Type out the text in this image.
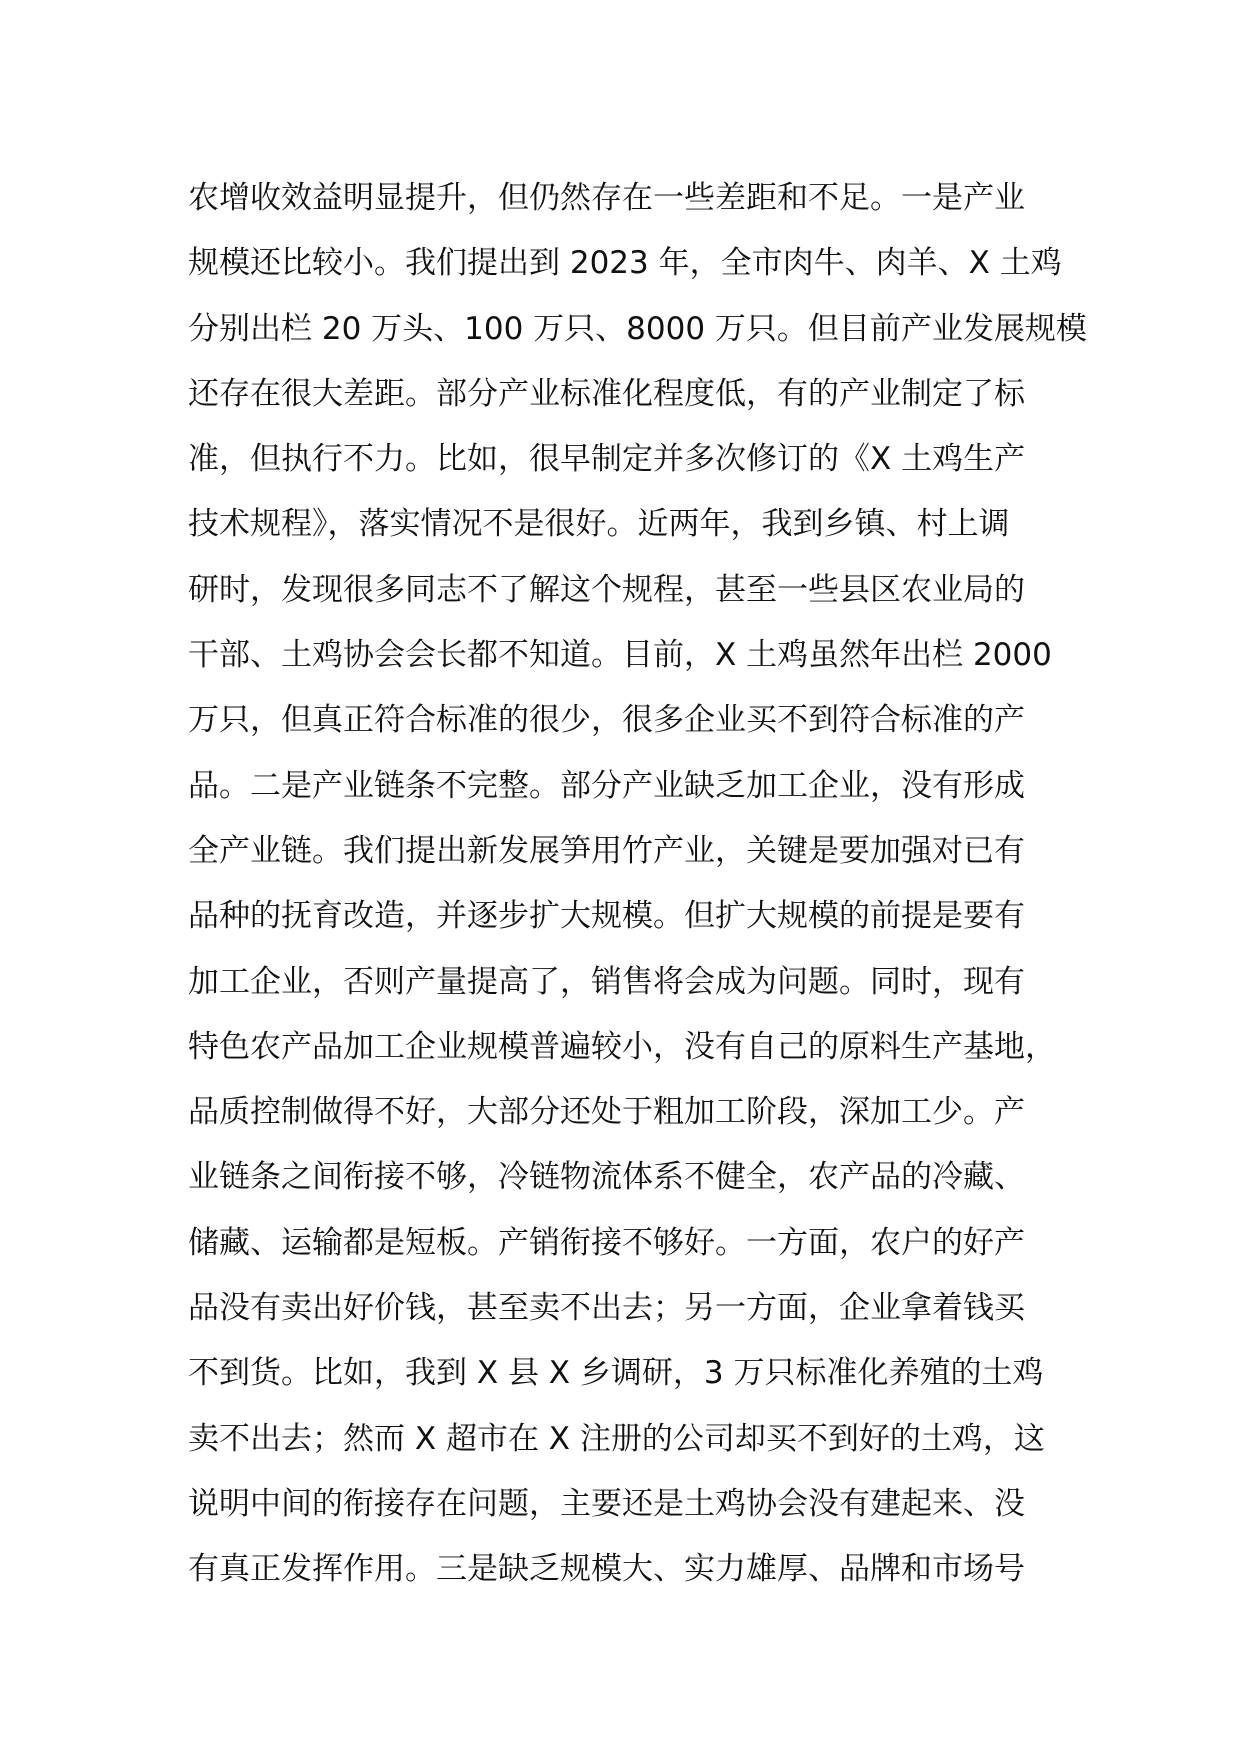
农增收效益明显提升，但仍然存在一些差距和不足。一是产业
规模还比较小。我们提出到 2023 年，全市肉牛、肉羊、X 土鸡
分别出栏 20 万头、100 万只、8000 万只。但目前产业发展规模
还存在很大差距。部分产业标准化程度低，有的产业制定了标
准，但执行不力。比如，很早制定并多次修订的《X 土鸡生产
技术规程》，落实情况不是很好。近两年，我到乡镇、村上调
研时，发现很多同志不了解这个规程，甚至一些县区农业局的
干部、土鸡协会会长都不知道。目前，X 土鸡虽然年出栏 2000
万只，但真正符合标准的很少，很多企业买不到符合标准的产
品。二是产业链条不完整。部分产业缺乏加工企业，没有形成
全产业链。我们提出新发展笋用竹产业，关键是要加强对已有
品种的抚育改造，并逐步扩大规模。但扩大规模的前提是要有
加工企业，否则产量提高了，销售将会成为问题。同时，现有
特色农产品加工企业规模普遍较小，没有自己的原料生产基地，
品质控制做得不好，大部分还处于粗加工阶段，深加工少。产
业链条之间衔接不够，冷链物流体系不健全，农产品的冷藏、
储藏、运输都是短板。产销衔接不够好。一方面，农户的好产
品没有卖出好价钱，甚至卖不出去；另一方面，企业拿着钱买
不到货。比如，我到 X 县 X 乡调研，3 万只标准化养殖的土鸡
卖不出去；然而 X 超市在 X 注册的公司却买不到好的土鸡，这
说明中间的衔接存在问题，主要还是土鸡协会没有建起来、没
有真正发挥作用。三是缺乏规模大、实力雄厚、品牌和市场号
